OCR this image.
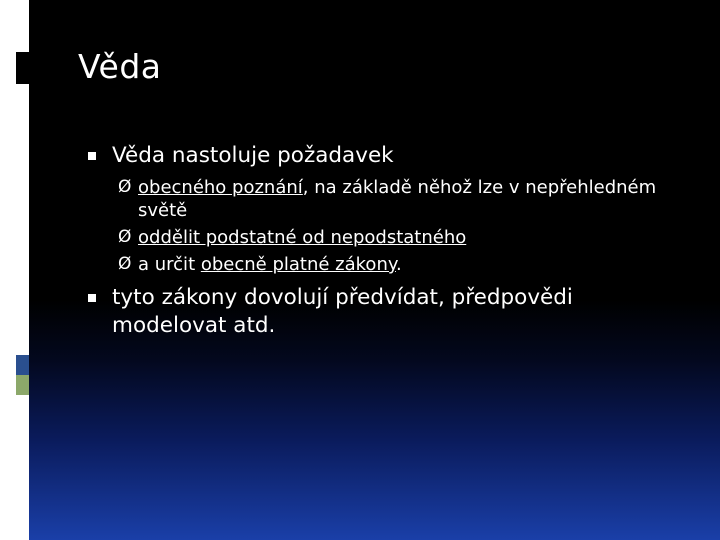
Věda
Věda nastoluje požadavek
Ø obecného poznání, na základě něhož lze v nepřehledném světě
Ø oddělit podstatné od nepodstatného
Ø a určit obecně platné zákony.
tyto zákony dovolují předvídat, předpovědi modelovat atd.
